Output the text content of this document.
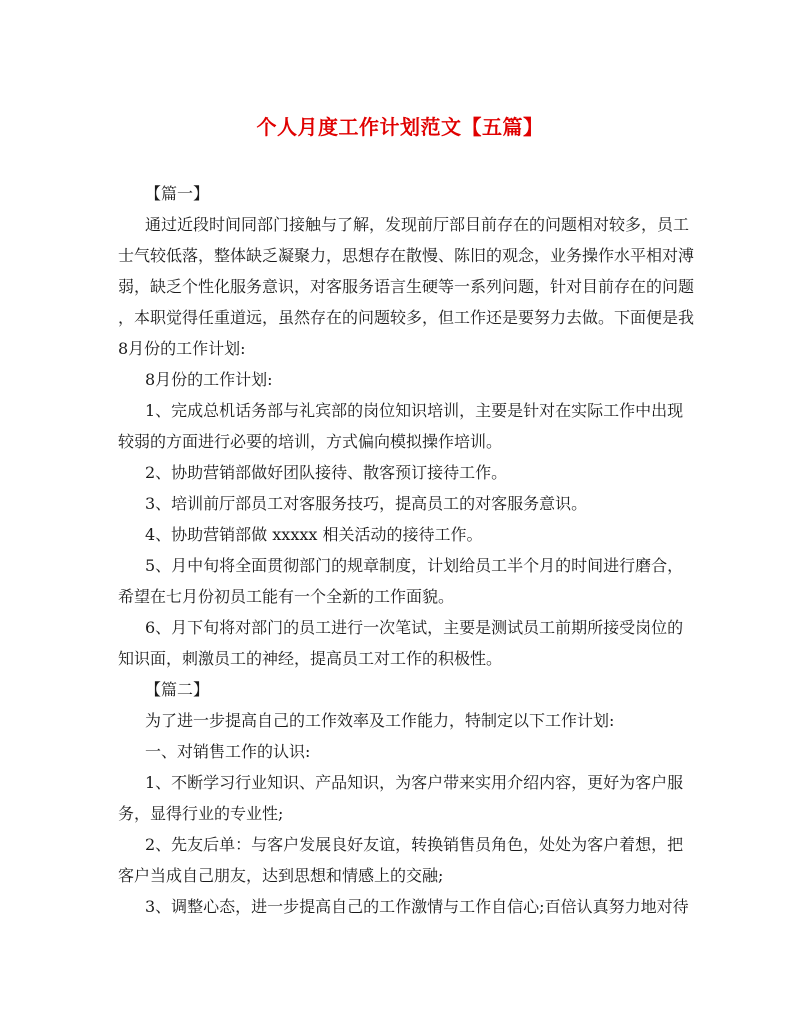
个人月度工作计划范文【五篇】
【篇一】
通过近段时间同部门接触与了解，发现前厅部目前存在的问题相对较多，员工
士气较低落，整体缺乏凝聚力，思想存在散慢、陈旧的观念，业务操作水平相对溥
弱，缺乏个性化服务意识，对客服务语言生硬等一系列问题，针对目前存在的问题
，本职觉得任重道远，虽然存在的问题较多，但工作还是要努力去做。下面便是我
8月份的工作计划:
8月份的工作计划:
1、完成总机话务部与礼宾部的岗位知识培训，主要是针对在实际工作中出现
较弱的方面进行必要的培训，方式偏向模拟操作培训。
2、协助营销部做好团队接待、散客预订接待工作。
3、培训前厅部员工对客服务技巧，提高员工的对客服务意识。
4、协助营销部做 xxxxx 相关活动的接待工作。
5、月中旬将全面贯彻部门的规章制度，计划给员工半个月的时间进行磨合，
希望在七月份初员工能有一个全新的工作面貌。
6、月下旬将对部门的员工进行一次笔试，主要是测试员工前期所接受岗位的
知识面，刺激员工的神经，提高员工对工作的积极性。
【篇二】
为了进一步提高自己的工作效率及工作能力，特制定以下工作计划:
一、对销售工作的认识:
1、不断学习行业知识、产品知识，为客户带来实用介绍内容，更好为客户服
务，显得行业的专业性;
2、先友后单：与客户发展良好友谊，转换销售员角色，处处为客户着想，把
客户当成自己朋友，达到思想和情感上的交融;
3、调整心态，进一步提高自己的工作激情与工作自信心;百倍认真努力地对待
